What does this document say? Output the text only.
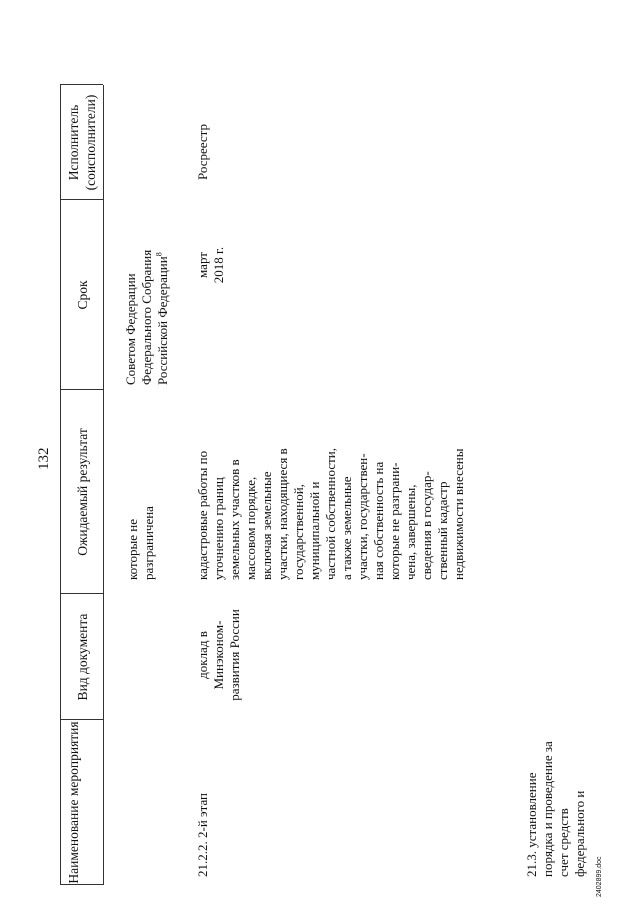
132
Наименование мероприятия
Вид документа
Ожидаемый результат
Срок
Исполнитель (соисполнители)
которые не разграничена
Советом Федерации Федерального Собрания Российской Федерации$^8$
21.2.2. 2-й этап
доклад в Минэконом- развития России
кадастровые работы по уточнению границ земельных участков в массовом порядке, включая земельные участки, находящиеся в государственной, муниципальной и частной собственности, а также земельные участки, государствен- ная собственность на которые не разграни- чена, завершены, сведения в государ- ственный кадастр недвижимости внесены
март 2018 г.
Росреестр
21.3. установление порядка и проведение за счет средств федерального и 2402899.doc
